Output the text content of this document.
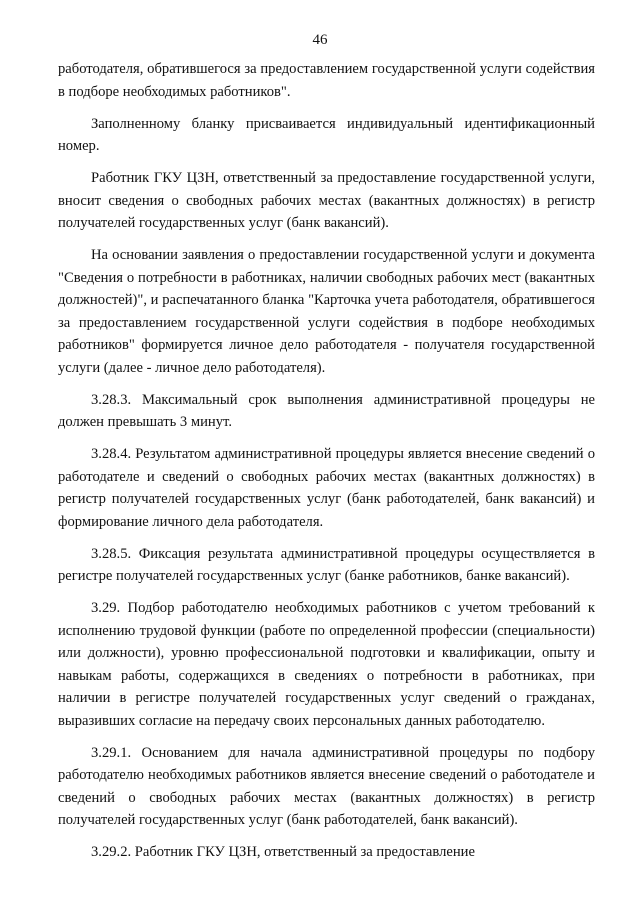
46

работодателя, обратившегося за предоставлением государственной услуги содействия в подборе необходимых работников".

Заполненному бланку присваивается индивидуальный идентификационный номер.

Работник ГКУ ЦЗН, ответственный за предоставление государственной услуги, вносит сведения о свободных рабочих местах (вакантных должностях) в регистр получателей государственных услуг (банк вакансий).

На основании заявления о предоставлении государственной услуги и документа "Сведения о потребности в работниках, наличии свободных рабочих мест (вакантных должностей)", и распечатанного бланка "Карточка учета работодателя, обратившегося за предоставлением государственной услуги содействия в подборе необходимых работников" формируется личное дело работодателя - получателя государственной услуги (далее - личное дело работодателя).

3.28.3. Максимальный срок выполнения административной процедуры не должен превышать 3 минут.

3.28.4. Результатом административной процедуры является внесение сведений о работодателе и сведений о свободных рабочих местах (вакантных должностях) в регистр получателей государственных услуг (банк работодателей, банк вакансий) и формирование личного дела работодателя.

3.28.5. Фиксация результата административной процедуры осуществляется в регистре получателей государственных услуг (банке работников, банке вакансий).

3.29. Подбор работодателю необходимых работников с учетом требований к исполнению трудовой функции (работе по определенной профессии (специальности) или должности), уровню профессиональной подготовки и квалификации, опыту и навыкам работы, содержащихся в сведениях о потребности в работниках, при наличии в регистре получателей государственных услуг сведений о гражданах, выразивших согласие на передачу своих персональных данных работодателю.

3.29.1. Основанием для начала административной процедуры по подбору работодателю необходимых работников является внесение сведений о работодателе и сведений о свободных рабочих местах (вакантных должностях) в регистр получателей государственных услуг (банк работодателей, банк вакансий).

3.29.2. Работник ГКУ ЦЗН, ответственный за предоставление
